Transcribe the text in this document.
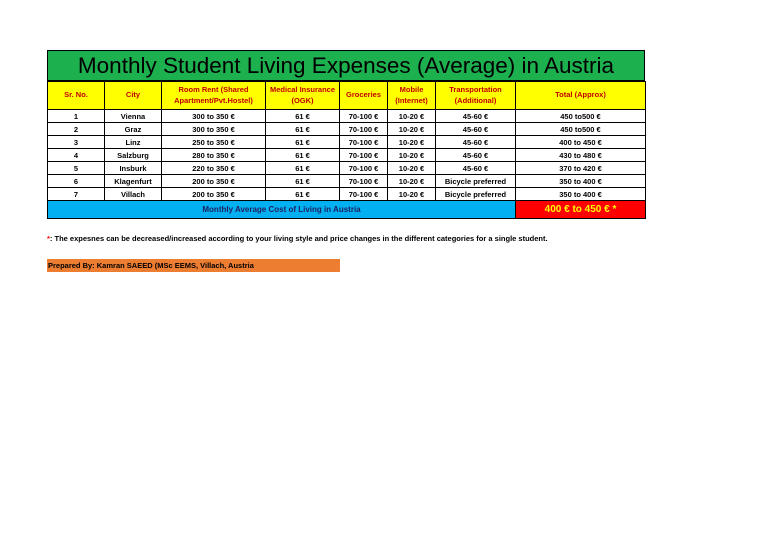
Monthly Student Living Expenses (Average) in Austria
Sr. No.	City	Room Rent (Shared Apartment/Pvt.Hostel)	Medical Insurance (OGK)	Groceries	Mobile (Internet)	Transportation (Additional)	Total (Approx)
1	Vienna	300 to 350 €	61 €	70-100 €	10-20 €	45-60 €	450 to500 €
2	Graz	300 to 350 €	61 €	70-100 €	10-20 €	45-60 €	450 to500 €
3	Linz	250 to 350 €	61 €	70-100 €	10-20 €	45-60 €	400 to 450 €
4	Salzburg	280 to 350 €	61 €	70-100 €	10-20 €	45-60 €	430 to 480 €
5	Insburk	220 to 350 €	61 €	70-100 €	10-20 €	45-60 €	370 to 420 €
6	Klagenfurt	200 to 350 €	61 €	70-100 €	10-20 €	Bicycle preferred	350 to 400 €
7	Villach	200 to 350 €	61 €	70-100 €	10-20 €	Bicycle preferred	350 to 400 €
Monthly Average Cost of Living in Austria							400 € to 450 € *
*: The expesnes can be decreased/increased according to your living style and price changes in the different categories for a single student.
Prepared By: Kamran SAEED (MSc EEMS, Villach, Austria
